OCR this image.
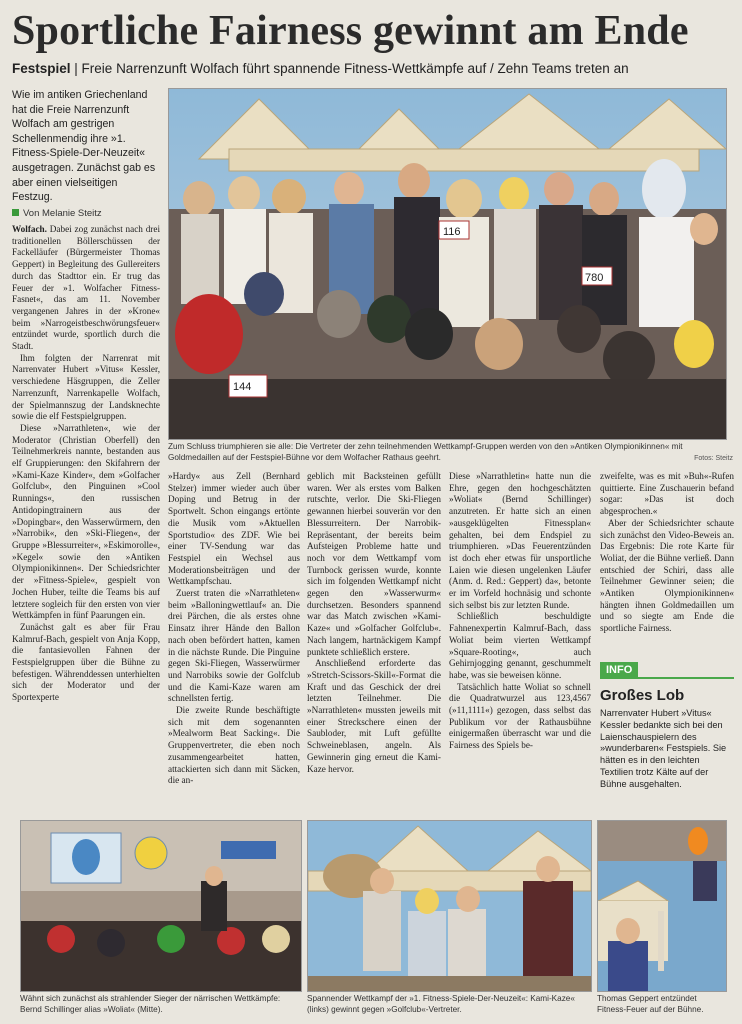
Sportliche Fairness gewinnt am Ende
Festspiel | Freie Narrenzunft Wolfach führt spannende Fitness-Wettkämpfe auf / Zehn Teams treten an
Wie im antiken Griechenland hat die Freie Narrenzunft Wolfach am gestrigen Schellenmendig ihre »1. Fitness-Spiele-Der-Neuzeit« ausgetragen. Zunächst gab es aber einen vielseitigen Festzug.
Von Melanie Steitz
116
780
144
Zum Schluss triumphieren sie alle: Die Vertreter der zehn teilnehmenden Wettkampf-Gruppen werden von den »Antiken Olympionikinnen« mit Goldmedaillen auf der Festspiel-Bühne vor dem Wolfacher Rathaus geehrt.	Fotos: Steitz

Wolfach. Dabei zog zunächst nach drei traditionellen Böllerschüssen der Fackelläufer (Bürgermeister Thomas Geppert) in Begleitung des Gullereiters durch das Stadttor ein. Er trug das Feuer der »1. Wolfacher Fitness-Fasnet«, das am 11. November vergangenen Jahres in der »Krone« beim »Narrogeistbeschwörungsfeuer« entzündet wurde, sportlich durch die Stadt.

Ihm folgten der Narrenrat mit Narrenvater Hubert »Vitus« Kessler, verschiedene Häsgruppen, die Zeller Narrenzunft, Narrenkapelle Wolfach, der Spielmannszug der Landsknechte sowie die elf Festspielgruppen.

Diese »Narrathleten«, wie der Moderator (Christian Oberfell) den Teilnehmerkreis nannte, bestanden aus elf Gruppierungen: den Skifahrern der »Kami-Kaze Kinder«, dem »Golfacher Golfclub«, den Pinguinen »Cool Runnings«, den russischen Antidopingtrainern aus der »Dopingbar«, den Wasserwürmern, den »Narrobik«, den »Ski-Fliegen«, der Gruppe »Blessurreiter«, »Eskimorolle«, »Kegel« sowie den »Antiken Olympionikinnen«. Der Schiedsrichter der »Fitness-Spiele«, gespielt von Jochen Huber, teilte die Teams bis auf letztere sogleich für den ersten von vier Wettkämpfen in fünf Paarungen ein.

Zunächst galt es aber für Frau Kalmruf-Bach, gespielt von Anja Kopp, die fantasievollen Fahnen der Festspielgruppen über die Bühne zu befestigen. Währenddessen unterhielten sich der Moderator und der Sportexperte

»Hardy« aus Zell (Bernhard Stelzer) immer wieder auch über Doping und Betrug in der Sportwelt. Schon eingangs ertönte die Musik vom »Aktuellen Sportstudio« des ZDF. Wie bei einer TV-Sendung war das Festspiel ein Wechsel aus Moderationsbeiträgen und der Wettkampfschau.

Zuerst traten die »Narrathleten« beim »Balloningwettlauf« an. Die drei Pärchen, die als erstes ohne Einsatz ihrer Hände den Ballon nach oben befördert hatten, kamen in die nächste Runde. Die Pinguine gegen Ski-Fliegen, Wasserwürmer und Narrobiks sowie der Golfclub und die Kami-Kaze waren am schnellsten fertig.

Die zweite Runde beschäftigte sich mit dem sogenannten »Mealworm Beat Sacking«. Die Gruppenvertreter, die eben noch zusammengearbeitet hatten, attackierten sich dann mit Säcken, die an-

geblich mit Backsteinen gefüllt waren. Wer als erstes vom Balken rutschte, verlor. Die Ski-Fliegen gewannen hierbei souverän vor den Blessurreitern. Der Narrobik-Repräsentant, der bereits beim Aufsteigen Probleme hatte und noch vor dem Wettkampf vom Turnbock gerissen wurde, konnte sich im folgenden Wettkampf nicht gegen den »Wasserwurm« durchsetzen. Besonders spannend war das Match zwischen »Kami-Kaze« und »Golfacher Golfclub«. Nach langem, hartnäckigem Kampf punktete schließlich erstere.

Anschließend erforderte das »Stretch-Scissors-Skill«-Format die Kraft und das Geschick der drei letzten Teilnehmer. Die »Narrathleten« mussten jeweils mit einer Streckschere einen der Saubloder, mit Luft gefüllte Schweineblasen, angeln. Als Gewinnerin ging erneut die Kami-Kaze hervor.

Diese »Narrathletin« hatte nun die Ehre, gegen den hochgeschätzten »Woliat« (Bernd Schillinger) anzutreten. Er hatte sich an einen »ausgeklügelten Fitnessplan« gehalten, bei dem Endspiel zu triumphieren. »Das Feuerentzünden ist doch eher etwas für unsportliche Laien wie diesen ungelenken Läufer (Anm. d. Red.: Geppert) da«, betonte er im Vorfeld hochnäsig und schonte sich selbst bis zur letzten Runde.

Schließlich beschuldigte Fahnenexpertin Kalmruf-Bach, dass Woliat beim vierten Wettkampf »Square-Rooting«, auch Gehirnjogging genannt, geschummelt habe, was sie beweisen könne.

Tatsächlich hatte Woliat so schnell die Quadratwurzel aus 123,4567 (»11,1111«) gezogen, dass selbst das Publikum vor der Rathausbühne einigermaßen überrascht war und die Fairness des Spiels be-

zweifelte, was es mit »Buh«-Rufen quittierte. Eine Zuschauerin befand sogar: »Das ist doch abgesprochen.«

Aber der Schiedsrichter schaute sich zunächst den Video-Beweis an. Das Ergebnis: Die rote Karte für Woliat, der die Bühne verließ. Dann entschied der Schiri, dass alle Teilnehmer Gewinner seien; die »Antiken Olympionikinnen« hängten ihnen Goldmedaillen um und so siegte am Ende die sportliche Fairness.

INFO
Großes Lob
Narrenvater Hubert »Vitus« Kessler bedankte sich bei den Laienschauspielern des »wunderbaren« Festspiels. Sie hätten es in den leichten Textilien trotz Kälte auf der Bühne ausgehalten.
Wähnt sich zunächst als strahlender Sieger der närrischen Wettkämpfe: Bernd Schillinger alias »Woliat« (Mitte).
Spannender Wettkampf der »1. Fitness-Spiele-Der-Neuzeit«: Kami-Kaze« (links) gewinnt gegen »Golfclub«-Vertreter.
Thomas Geppert entzündet Fitness-Feuer auf der Bühne.
